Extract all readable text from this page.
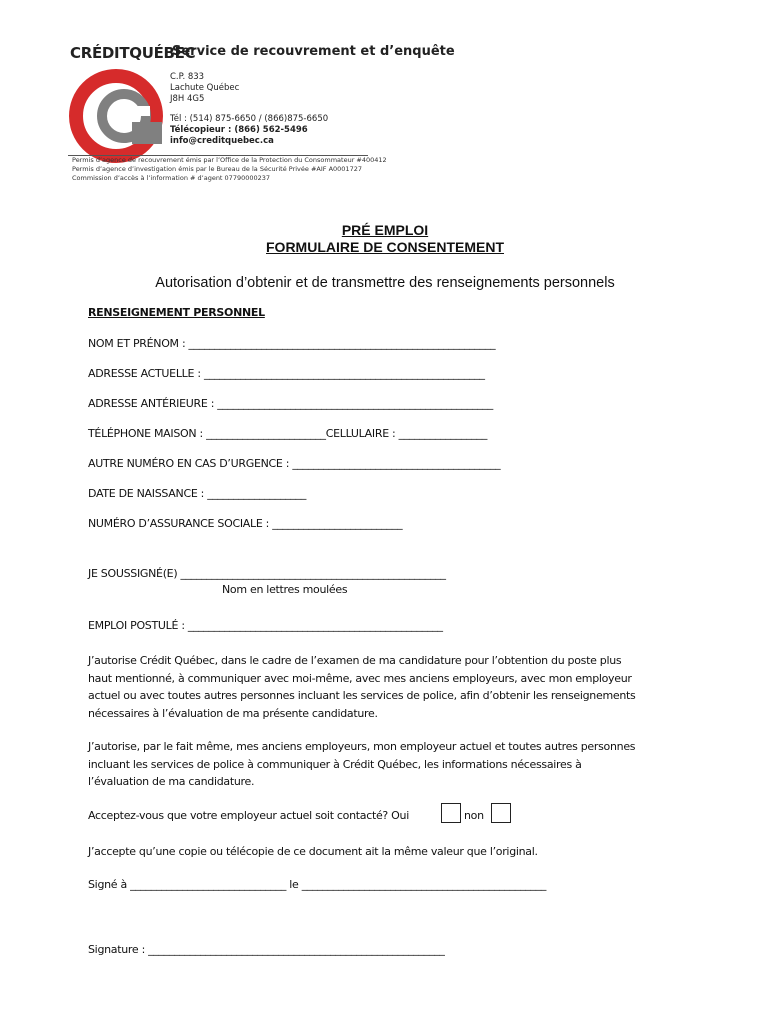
CRÉDITQUÉBEC
Service de recouvrement et d’enquête
C.P. 833
Lachute Québec
J8H 4G5
Tél : (514) 875-6650 / (866)875-6650
Télécopieur : (866) 562-5496
info@creditquebec.ca
Permis d’agence de recouvrement émis par l’Office de la Protection du Consommateur #400412
Permis d’agence d’investigation émis par le Bureau de la Sécurité Privée #AIF A0001727
Commission d’accès à l’information # d’agent 07790000237
PRÉ EMPLOI
FORMULAIRE DE CONSENTEMENT
Autorisation d’obtenir et de transmettre des renseignements personnels
RENSEIGNEMENT PERSONNEL
NOM ET PRÉNOM : ___________________________________________________________
ADRESSE ACTUELLE : ______________________________________________________
ADRESSE ANTÉRIEURE : _____________________________________________________
TÉLÉPHONE MAISON : _______________________CELLULAIRE : _________________
AUTRE NUMÉRO EN CAS D’URGENCE : ________________________________________
DATE DE NAISSANCE : ___________________
NUMÉRO D’ASSURANCE SOCIALE : _________________________
JE SOUSSIGNÉ(E) ___________________________________________________
Nom en lettres moulées
EMPLOI POSTULÉ : _________________________________________________
J’autorise Crédit Québec, dans le cadre de l’examen de ma candidature pour l’obtention du poste plus
haut mentionné, à communiquer avec moi-même, avec mes anciens employeurs, avec mon employeur
actuel ou avec toutes autres personnes incluant les services de police, afin d’obtenir les renseignements
nécessaires à l’évaluation de ma présente candidature.
J’autorise, par le fait même, mes anciens employeurs, mon employeur actuel et toutes autres personnes
incluant les services de police à communiquer à Crédit Québec, les informations nécessaires à
l’évaluation de ma candidature.
Acceptez-vous que votre employeur actuel soit contacté? Oui	non
J’accepte qu’une copie ou télécopie de ce document ait la même valeur que l’original.
Signé à ______________________________ le _______________________________________________
Signature : _________________________________________________________
